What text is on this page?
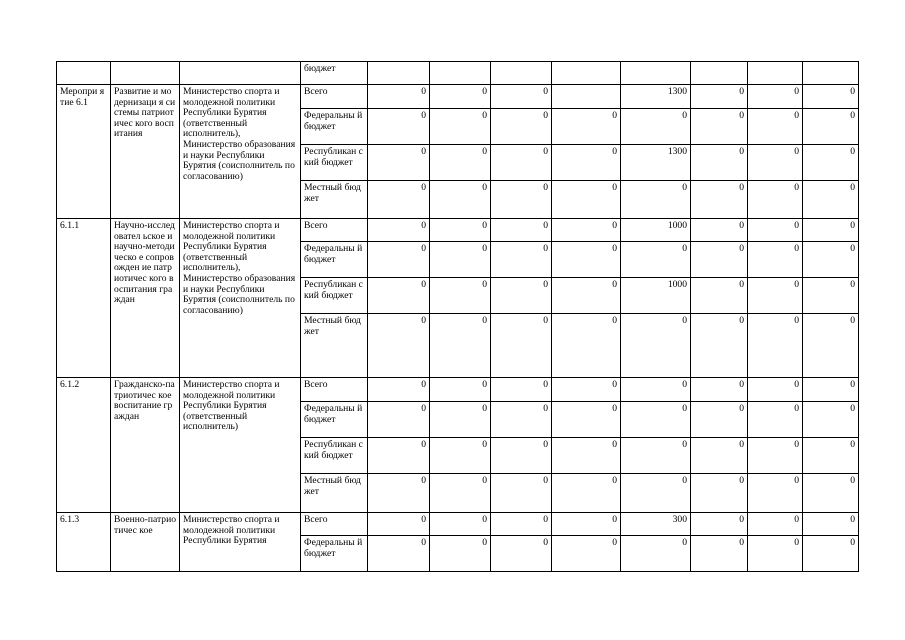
			бюджет								
Меропри ятие 6.1	Развитие и модернизаци я системы патриотичес кого воспитания	Министерство спорта и молодежной политики Республики Бурятия (ответственный исполнитель), Министерство образования и науки Республики Бурятия (соисполнитель по согласованию)	Всего	0	0	0		1300	0	0	0
			Федеральны й бюджет	0	0	0	0	0	0	0	0
			Республикан ский бюджет	0	0	0	0	1300	0	0	0
			Местный бюджет	0	0	0	0	0	0	0	0
6.1.1	Научно-исследовател ьское и научно-методическо е сопровожден ие патриотичес кого воспитания граждан	Министерство спорта и молодежной политики Республики Бурятия (ответственный исполнитель), Министерство образования и науки Республики Бурятия (соисполнитель по согласованию)	Всего	0	0	0	0	1000	0	0	0
			Федеральны й бюджет	0	0	0	0	0	0	0	0
			Республикан ский бюджет	0	0	0	0	1000	0	0	0
			Местный бюджет	0	0	0	0	0	0	0	0
6.1.2	Гражданско-патриотичес кое воспитание граждан	Министерство спорта и молодежной политики Республики Бурятия (ответственный исполнитель)	Всего	0	0	0	0	0	0	0	0
			Федеральны й бюджет	0	0	0	0	0	0	0	0
			Республикан ский бюджет	0	0	0	0	0	0	0	0
			Местный бюджет	0	0	0	0	0	0	0	0
6.1.3	Военно-патриотичес кое	Министерство спорта и молодежной политики Республики Бурятия	Всего	0	0	0	0	300	0	0	0
			Федеральны й бюджет	0	0	0	0	0	0	0	0
